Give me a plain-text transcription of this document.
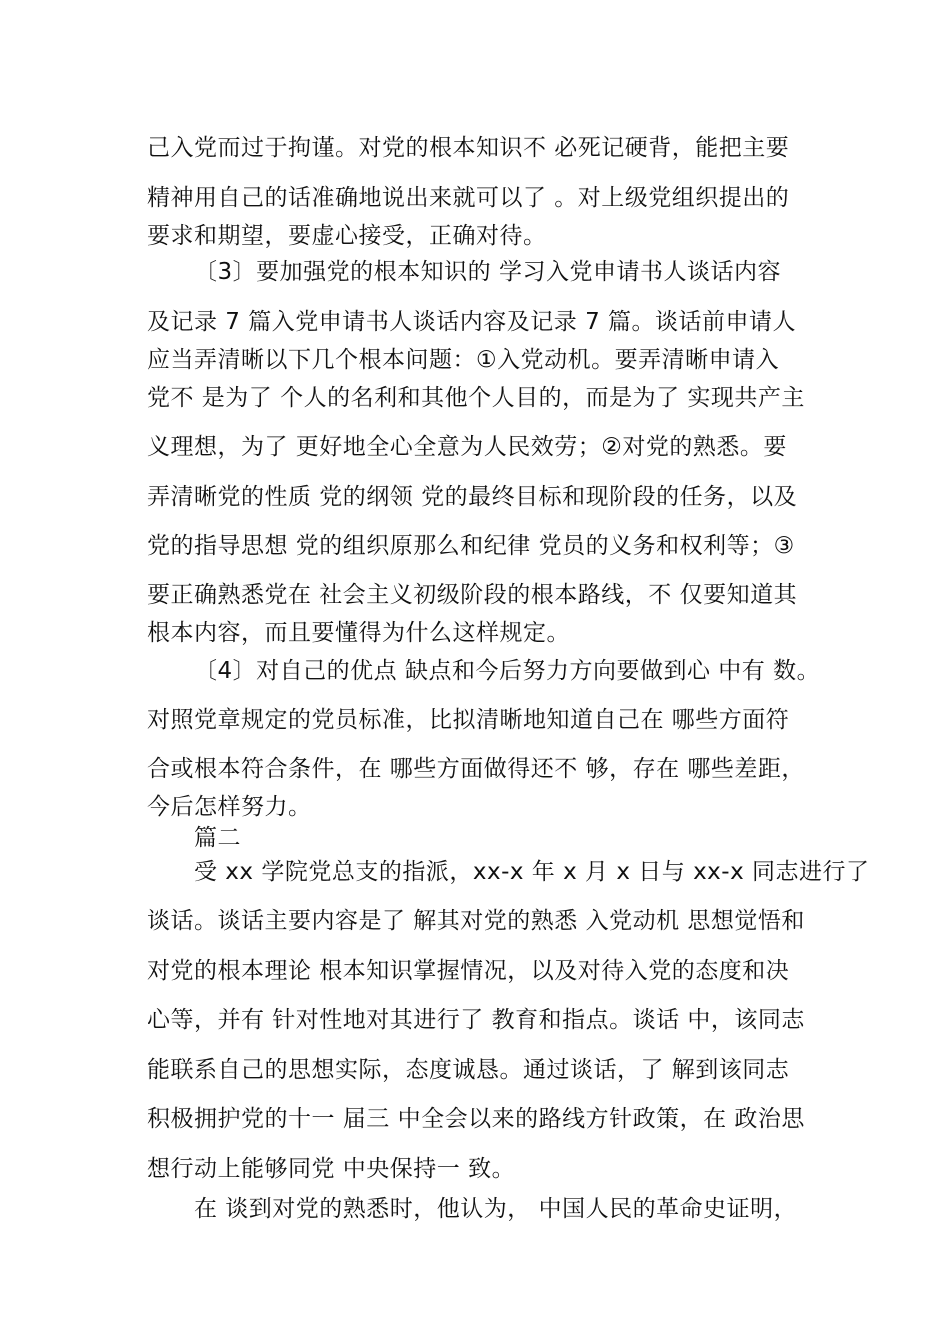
己入党而过于拘谨。对党的根本知识不 必死记硬背，能把主要
精神用自己的话准确地说出来就可以了 。对上级党组织提出的
要求和期望，要虚心接受，正确对待。
〔3〕要加强党的根本知识的 学习入党申请书人谈话内容
及记录 7 篇入党申请书人谈话内容及记录 7 篇。谈话前申请人
应当弄清晰以下几个根本问题：①入党动机。要弄清晰申请入
党不 是为了 个人的名利和其他个人目的，而是为了 实现共产主
义理想，为了 更好地全心全意为人民效劳；②对党的熟悉。要
弄清晰党的性质 党的纲领 党的最终目标和现阶段的任务，以及
党的指导思想 党的组织原那么和纪律 党员的义务和权利等；③
要正确熟悉党在 社会主义初级阶段的根本路线，不 仅要知道其
根本内容，而且要懂得为什么这样规定。
〔4〕对自己的优点 缺点和今后努力方向要做到心 中有 数。
对照党章规定的党员标准，比拟清晰地知道自己在 哪些方面符
合或根本符合条件，在 哪些方面做得还不 够，存在 哪些差距，
今后怎样努力。
篇二
受 xx 学院党总支的指派，xx-x 年 x 月 x 日与 xx-x 同志进行了
谈话。谈话主要内容是了 解其对党的熟悉 入党动机 思想觉悟和
对党的根本理论 根本知识掌握情况，以及对待入党的态度和决
心等，并有 针对性地对其进行了 教育和指点。谈话 中，该同志
能联系自己的思想实际，态度诚恳。通过谈话，了 解到该同志
积极拥护党的十一 届三 中全会以来的路线方针政策，在 政治思
想行动上能够同党 中央保持一 致。
在 谈到对党的熟悉时，他认为， 中国人民的革命史证明，
